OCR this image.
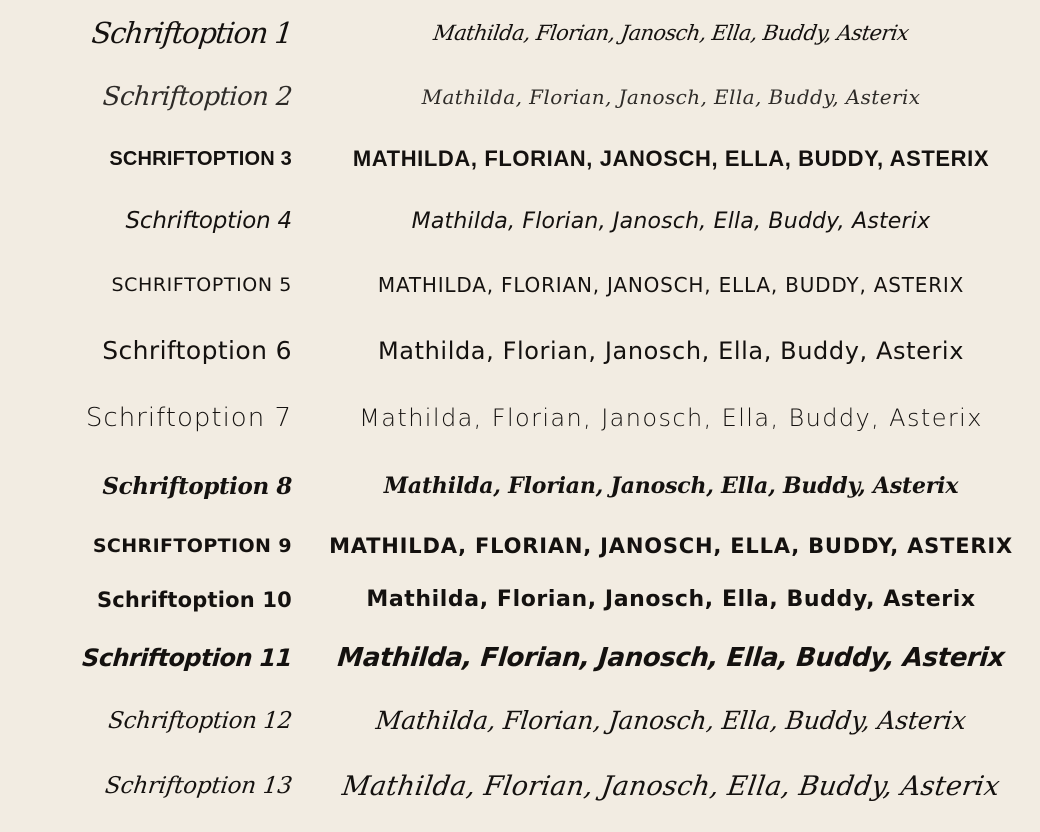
Schriftoption 1	Mathilda, Florian, Janosch, Ella, Buddy, Asterix
Schriftoption 2	Mathilda, Florian, Janosch, Ella, Buddy, Asterix
SCHRIFTOPTION 3	MATHILDA, FLORIAN, JANOSCH, ELLA, BUDDY, ASTERIX
Schriftoption 4	Mathilda, Florian, Janosch, Ella, Buddy, Asterix
SCHRIFTOPTION 5	MATHILDA, FLORIAN, JANOSCH, ELLA, BUDDY, ASTERIX
Schriftoption 6	Mathilda, Florian, Janosch, Ella, Buddy, Asterix
Schriftoption 7	Mathilda, Florian, Janosch, Ella, Buddy, Asterix
Schriftoption 8	Mathilda, Florian, Janosch, Ella, Buddy, Asterix
SCHRIFTOPTION 9	MATHILDA, FLORIAN, JANOSCH, ELLA, BUDDY, ASTERIX
Schriftoption 10	Mathilda, Florian, Janosch, Ella, Buddy, Asterix
Schriftoption 11	Mathilda, Florian, Janosch, Ella, Buddy, Asterix
Schriftoption 12	Mathilda, Florian, Janosch, Ella, Buddy, Asterix
Schriftoption 13	Mathilda, Florian, Janosch, Ella, Buddy, Asterix
